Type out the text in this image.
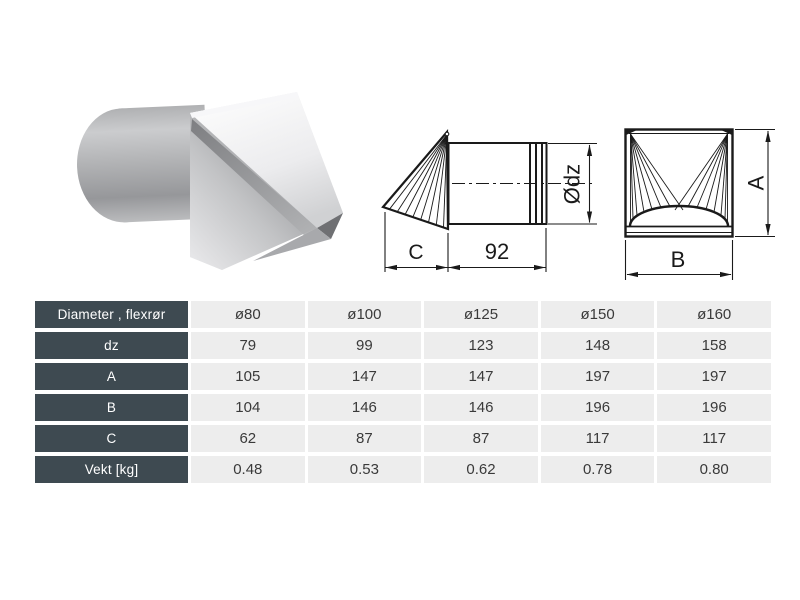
Ødz
C	92
A
B
Diameter , flexrør	ø80	ø100	ø125	ø150	ø160
dz	79	99	123	148	158
A	105	147	147	197	197
B	104	146	146	196	196
C	62	87	87	117	117
Vekt [kg]	0.48	0.53	0.62	0.78	0.80
